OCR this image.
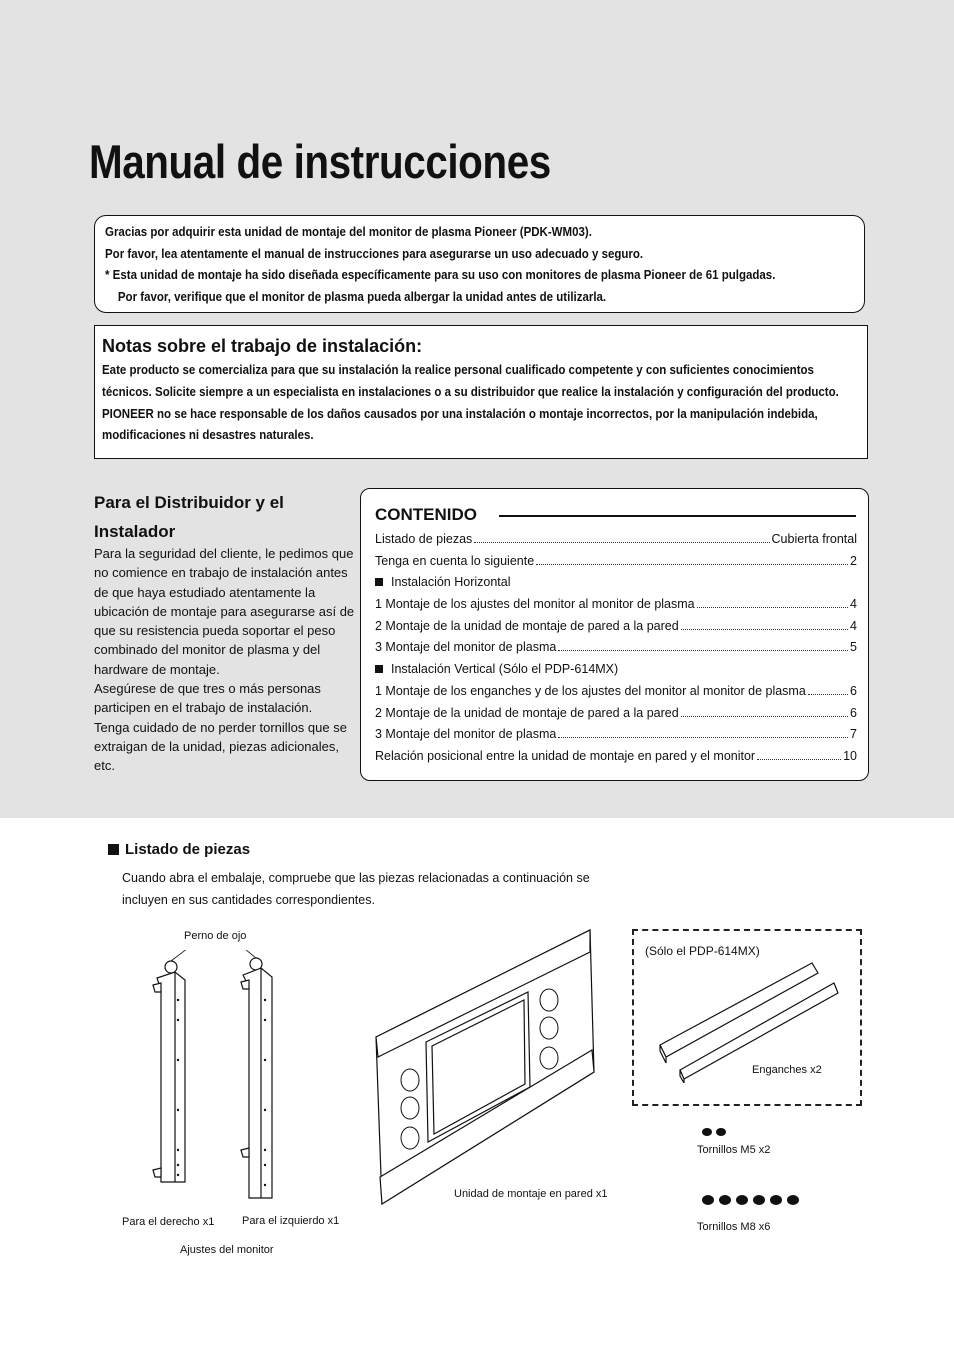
Manual de instrucciones

Gracias por adquirir esta unidad de montaje del monitor de plasma Pioneer (PDK-WM03).

Por favor, lea atentamente el manual de instrucciones para asegurarse un uso adecuado y seguro.

* Esta unidad de montaje ha sido diseñada específicamente para su uso con monitores de plasma Pioneer de 61 pulgadas.

Por favor, verifique que el monitor de plasma pueda albergar la unidad antes de utilizarla.

Notas sobre el trabajo de instalación:

Eate producto se comercializa para que su instalación la realice personal cualificado competente y con suficientes conocimientos técnicos. Solicite siempre a un especialista en instalaciones o a su distribuidor que realice la instalación y configuración del producto. PIONEER no se hace responsable de los daños causados por una instalación o montaje incorrectos, por la manipulación indebida, modificaciones ni desastres naturales.

Para el Distribuidor y el Instalador
Para la seguridad del cliente, le pedimos que no comience en trabajo de instalación antes de que haya estudiado atentamente la ubicación de montaje para asegurarse así de que su resistencia pueda soportar el peso combinado del monitor de plasma y del hardware de montaje.
Asegúrese de que tres o más personas participen en el trabajo de instalación.
Tenga cuidado de no perder tornillos que se extraigan de la unidad, piezas adicionales, etc.
CONTENIDO
Listado de piezas	Cubierta frontal
Tenga en cuenta lo siguiente	2
Instalación Horizontal
1 Montaje de los ajustes del monitor al monitor de plasma	4
2 Montaje de la unidad de montaje de pared a la pared	4
3 Montaje del monitor de plasma	5
Instalación Vertical (Sólo el PDP-614MX)
1 Montaje de los enganches y de los ajustes del monitor al monitor de plasma	6
2 Montaje de la unidad de montaje de pared a la pared	6
3 Montaje del monitor de plasma	7
Relación posicional entre la unidad de montaje en pared y el monitor	10
Listado de piezas

Cuando abra el embalaje, compruebe que las piezas relacionadas a continuación se incluyen en sus cantidades correspondientes.

Perno de ojo
Para el derecho x1	Para el izquierdo x1
Ajustes del monitor
Unidad de montaje en pared x1
(Sólo el PDP-614MX)
Enganches x2
Tornillos M5 x2
Tornillos M8 x6
